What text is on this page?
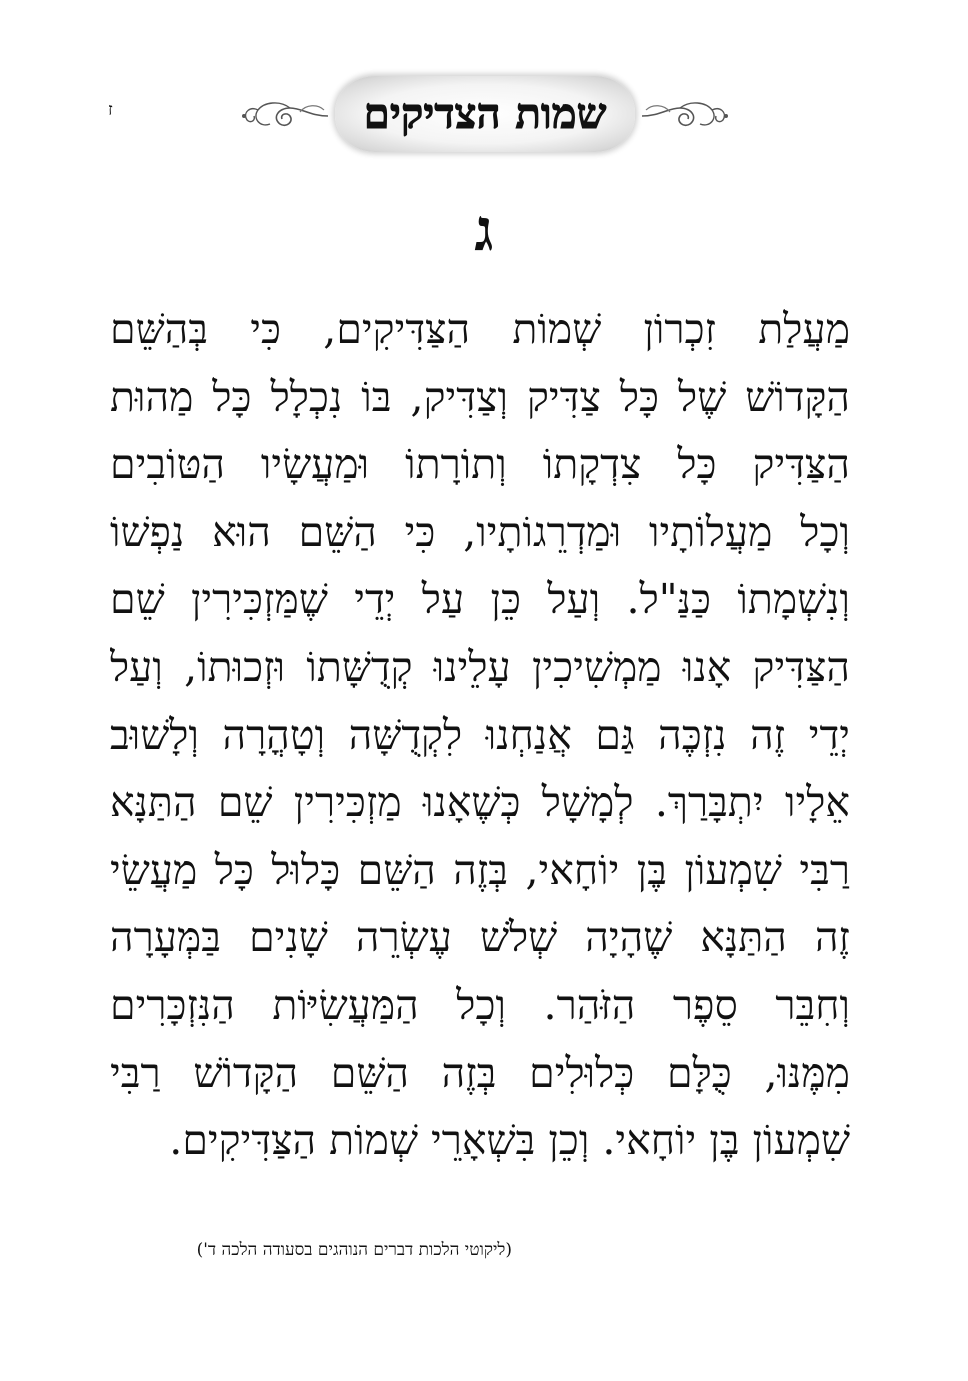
ז	שמות הצדיקים
ג
מַעֲלַת זִכְרוֹן שְׁמוֹת הַצַּדִּיקִים, כִּי בְּהַשֵּׁם
הַקָּדוֹשׁ שֶׁל כָּל צַדִּיק וְצַדִּיק, בּוֹ נִכְלָל כָּל מַהוּת
הַצַּדִּיק כָּל צִדְקָתוֹ וְתוֹרָתוֹ וּמַעֲשָׂיו הַטּוֹבִים
וְכָל מַעֲלוֹתָיו וּמַדְרֵגוֹתָיו, כִּי הַשֵּׁם הוּא נַפְשׁוֹ
וְנִשְׁמָתוֹ כַּנַּ"ל. וְעַל כֵּן עַל יְדֵי שֶׁמַּזְכִּירִין שֵׁם
הַצַּדִּיק אָנוּ מַמְשִׁיכִין עָלֵינוּ קְדֻשָּׁתוֹ וּזְכוּתוֹ, וְעַל
יְדֵי זֶה נִזְכֶּה גַּם אֲנַחְנוּ לִקְדֻשָּׁה וְטָהֳרָה וְלָשׁוּב
אֵלָיו יִתְבָּרַךְ. לְמָשָׁל כְּשֶׁאָנוּ מַזְכִּירִין שֵׁם הַתַּנָּא
רַבִּי שִׁמְעוֹן בֶּן יוֹחָאי, בְּזֶה הַשֵּׁם כָּלוּל כָּל מַעֲשֵׂי
זֶה הַתַּנָּא שֶׁהָיָה שְׁלֹשׁ עֶשְׂרֵה שָׁנִים בַּמְּעָרָה
וְחִבֵּר סֵפֶר הַזֹּהַר. וְכָל הַמַּעֲשִׂיּוֹת הַנִּזְכָּרִים
מִמֶּנּוּ, כֻּלָּם כְּלוּלִים בְּזֶה הַשֵּׁם הַקָּדוֹשׁ רַבִּי
שִׁמְעוֹן בֶּן יוֹחָאי. וְכֵן בִּשְׁאָרֵי שְׁמוֹת הַצַּדִּיקִים.
(ליקוטי הלכות דברים הנוהגים בסעודה הלכה ד')
